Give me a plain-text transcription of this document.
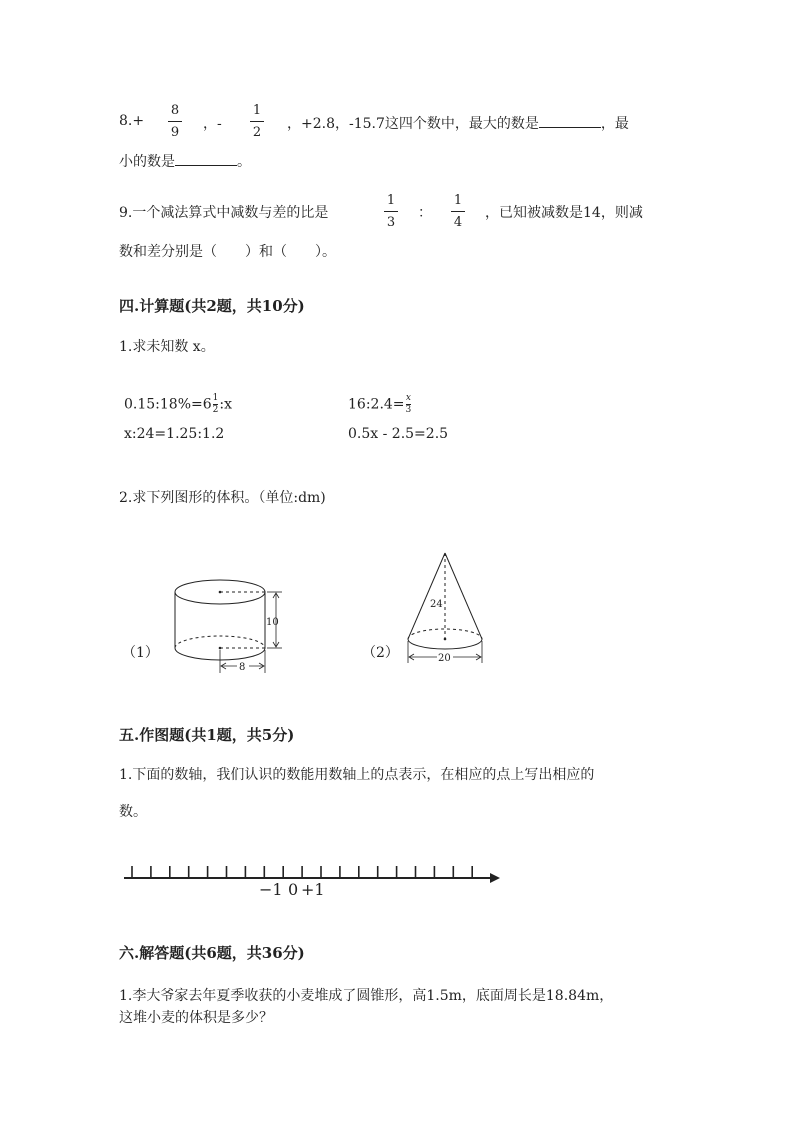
8.+
8
9
，-
1
2
，+2.8，-15.7这四个数中，最大的数是	，最
小的数是	。
9.一个减法算式中减数与差的比是
1
3
：
1
4
，已知被减数是14，则减
数和差分别是（　　）和（　　）。
四.计算题(共2题，共10分)
1.求未知数 x。
$0.15:18\%=6\frac{1}{2}:x$	$16:2.4=\frac{x}{3}$
x:24=1.25:1.2	0.5x - 2.5=2.5
2.求下列图形的体积。（单位:dm)
（1）
10
8
（2）
24
20
五.作图题(共1题，共5分)
1.下面的数轴，我们认识的数能用数轴上的点表示，在相应的点上写出相应的
数。
−1 0 +1
六.解答题(共6题，共36分)
1.李大爷家去年夏季收获的小麦堆成了圆锥形，高1.5m，底面周长是18.84m，
这堆小麦的体积是多少？
